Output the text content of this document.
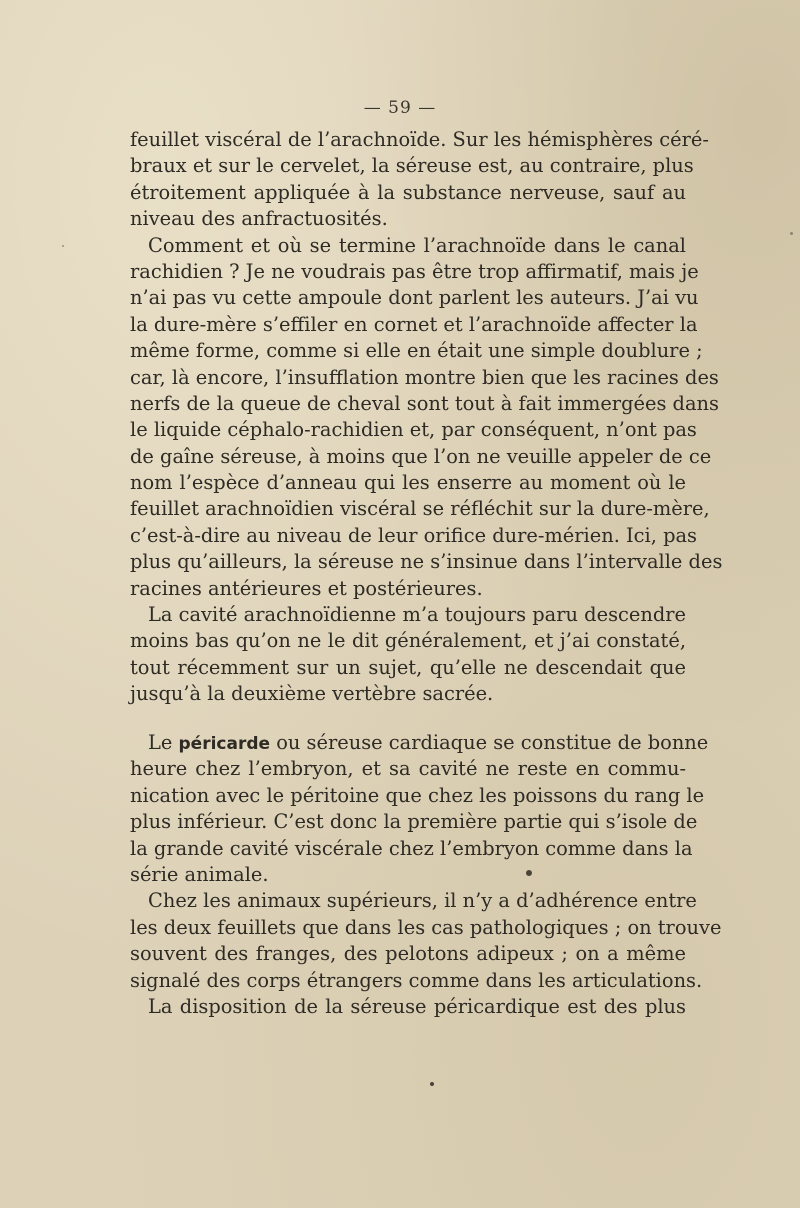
— 59 —
feuillet viscéral de l’arachnoïde. Sur les hémisphères céré-
braux et sur le cervelet, la séreuse est, au contraire, plus
étroitement appliquée à la substance nerveuse, sauf au
niveau des anfractuosités.
Comment et où se termine l’arachnoïde dans le canal
rachidien ? Je ne voudrais pas être trop affirmatif, mais je
n’ai pas vu cette ampoule dont parlent les auteurs. J’ai vu
la dure-mère s’effiler en cornet et l’arachnoïde affecter la
même forme, comme si elle en était une simple doublure ;
car, là encore, l’insufflation montre bien que les racines des
nerfs de la queue de cheval sont tout à fait immergées dans
le liquide céphalo-rachidien et, par conséquent, n’ont pas
de gaîne séreuse, à moins que l’on ne veuille appeler de ce
nom l’espèce d’anneau qui les enserre au moment où le
feuillet arachnoïdien viscéral se réfléchit sur la dure-mère,
c’est-à-dire au niveau de leur orifice dure-mérien. Ici, pas
plus qu’ailleurs, la séreuse ne s’insinue dans l’intervalle des
racines antérieures et postérieures.
La cavité arachnoïdienne m’a toujours paru descendre
moins bas qu’on ne le dit généralement, et j’ai constaté,
tout récemment sur un sujet, qu’elle ne descendait que
jusqu’à la deuxième vertèbre sacrée.
Le péricarde ou séreuse cardiaque se constitue de bonne
heure chez l’embryon, et sa cavité ne reste en commu-
nication avec le péritoine que chez les poissons du rang le
plus inférieur. C’est donc la première partie qui s’isole de
la grande cavité viscérale chez l’embryon comme dans la
série animale.
Chez les animaux supérieurs, il n’y a d’adhérence entre
les deux feuillets que dans les cas pathologiques ; on trouve
souvent des franges, des pelotons adipeux ; on a même
signalé des corps étrangers comme dans les articulations.
La disposition de la séreuse péricardique est des plus
